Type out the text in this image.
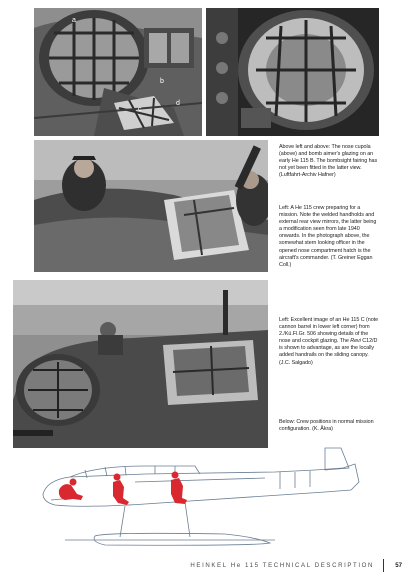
a
b
c
d

Above left and above: The nose cupola (above) and bomb aimer's glazing on an early He 115 B. The bombsight fairing has not yet been fitted in the latter view. (Luftfahrt-Archiv Hafner)

Left: A He 115 crew preparing for a mission. Note the welded handholds and external rear view mirrors, the latter being a modification seen from late 1940 onwards. In the photograph above, the somewhat stern looking officer in the opened nose compartment hatch is the aircraft's commander. (T. Greiner Eggan Coll.)

Left: Excellent image of an He 115 C (note cannon barrel in lower left corner) from 2./Kü.Fl.Gr. 506 showing details of the nose and cockpit glazing. The Revi C12/D is shown to advantage, as are the locally added handrails on the sliding canopy. (J.C. Salgado)

Below: Crew positions in normal mission configuration. (K. Åkra)

HEINKEL He 115 TECHNICAL DESCRIPTION	57
